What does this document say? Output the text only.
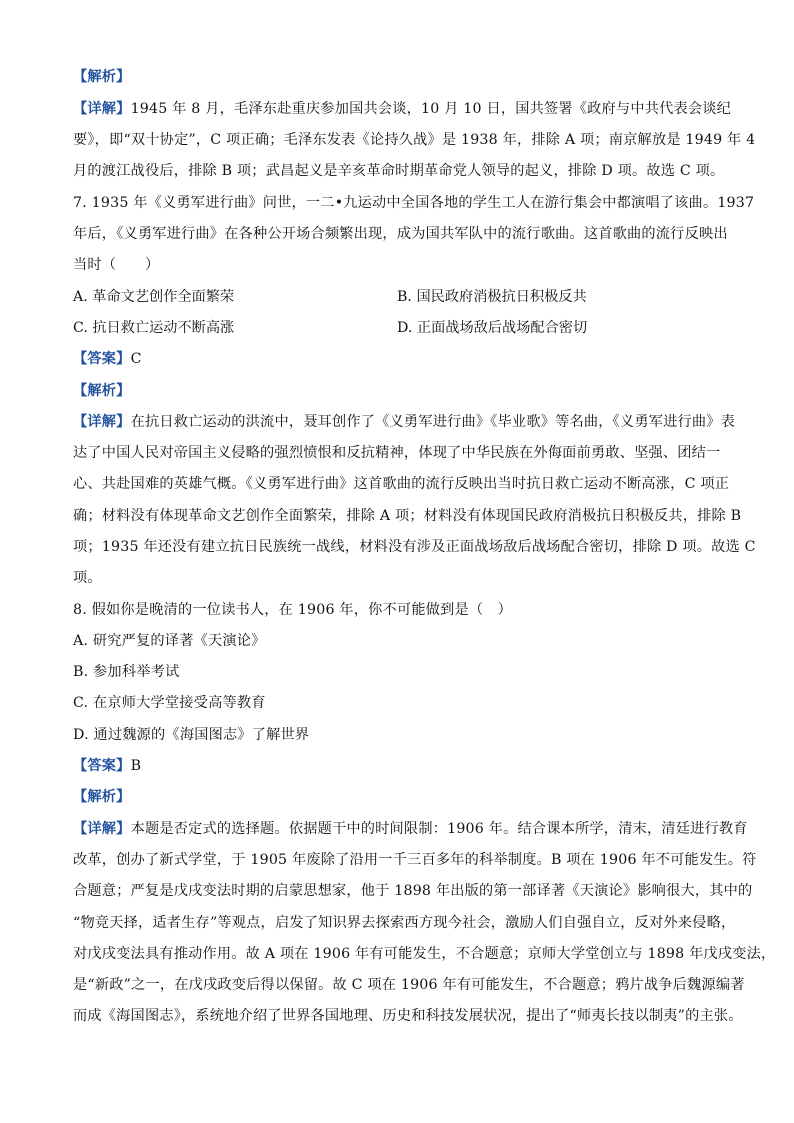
【解析】
【详解】1945 年 8 月，毛泽东赴重庆参加国共会谈，10 月 10 日，国共签署《政府与中共代表会谈纪
要》，即“双十协定”，C 项正确；毛泽东发表《论持久战》是 1938 年，排除 A 项；南京解放是 1949 年 4
月的渡江战役后，排除 B 项；武昌起义是辛亥革命时期革命党人领导的起义，排除 D 项。故选 C 项。
7. 1935 年《义勇军进行曲》问世，一二•九运动中全国各地的学生工人在游行集会中都演唱了该曲。1937
年后，《义勇军进行曲》在各种公开场合频繁出现，成为国共军队中的流行歌曲。这首歌曲的流行反映出
当时（　　）
A. 革命文艺创作全面繁荣	B. 国民政府消极抗日积极反共
C. 抗日救亡运动不断高涨	D. 正面战场敌后战场配合密切
【答案】C
【解析】
【详解】在抗日救亡运动的洪流中，聂耳创作了《义勇军进行曲》《毕业歌》等名曲，《义勇军进行曲》表
达了中国人民对帝国主义侵略的强烈愤恨和反抗精神，体现了中华民族在外侮面前勇敢、坚强、团结一
心、共赴国难的英雄气概。《义勇军进行曲》这首歌曲的流行反映出当时抗日救亡运动不断高涨，C 项正
确；材料没有体现革命文艺创作全面繁荣，排除 A 项；材料没有体现国民政府消极抗日积极反共，排除 B
项；1935 年还没有建立抗日民族统一战线，材料没有涉及正面战场敌后战场配合密切，排除 D 项。故选 C
项。
8. 假如你是晚清的一位读书人，在 1906 年，你不可能做到是（　）
A. 研究严复的译著《天演论》
B. 参加科举考试
C. 在京师大学堂接受高等教育
D. 通过魏源的《海国图志》了解世界
【答案】B
【解析】
【详解】本题是否定式的选择题。依据题干中的时间限制：1906 年。结合课本所学，清末，清廷进行教育
改革，创办了新式学堂，于 1905 年废除了沿用一千三百多年的科举制度。B 项在 1906 年不可能发生。符
合题意；严复是戊戌变法时期的启蒙思想家，他于 1898 年出版的第一部译著《天演论》影响很大，其中的
“物竞天择，适者生存”等观点，启发了知识界去探索西方现今社会，激励人们自强自立，反对外来侵略，
对戊戌变法具有推动作用。故 A 项在 1906 年有可能发生，不合题意；京师大学堂创立与 1898 年戊戌变法，
是“新政”之一，在戊戌政变后得以保留。故 C 项在 1906 年有可能发生，不合题意；鸦片战争后魏源编著
而成《海国图志》，系统地介绍了世界各国地理、历史和科技发展状况，提出了“师夷长技以制夷”的主张。
